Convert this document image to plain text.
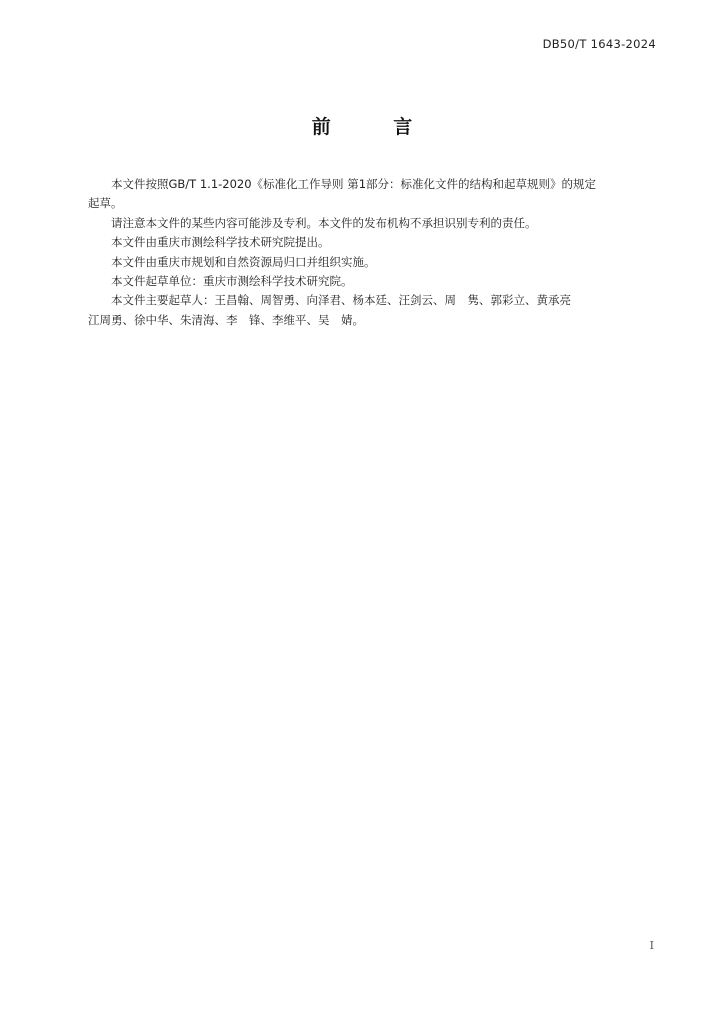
DB50/T 1643-2024
前 言

本文件按照GB/T 1.1-2020《标准化工作导则 第1部分：标准化文件的结构和起草规则》的规定
起草。

请注意本文件的某些内容可能涉及专利。本文件的发布机构不承担识别专利的责任。

本文件由重庆市测绘科学技术研究院提出。

本文件由重庆市规划和自然资源局归口并组织实施。

本文件起草单位：重庆市测绘科学技术研究院。

本文件主要起草人：王昌翰、周智勇、向泽君、杨本廷、汪剑云、周　隽、郭彩立、黄承亮
江周勇、徐中华、朱清海、李　锋、李维平、吴　婧。

I
